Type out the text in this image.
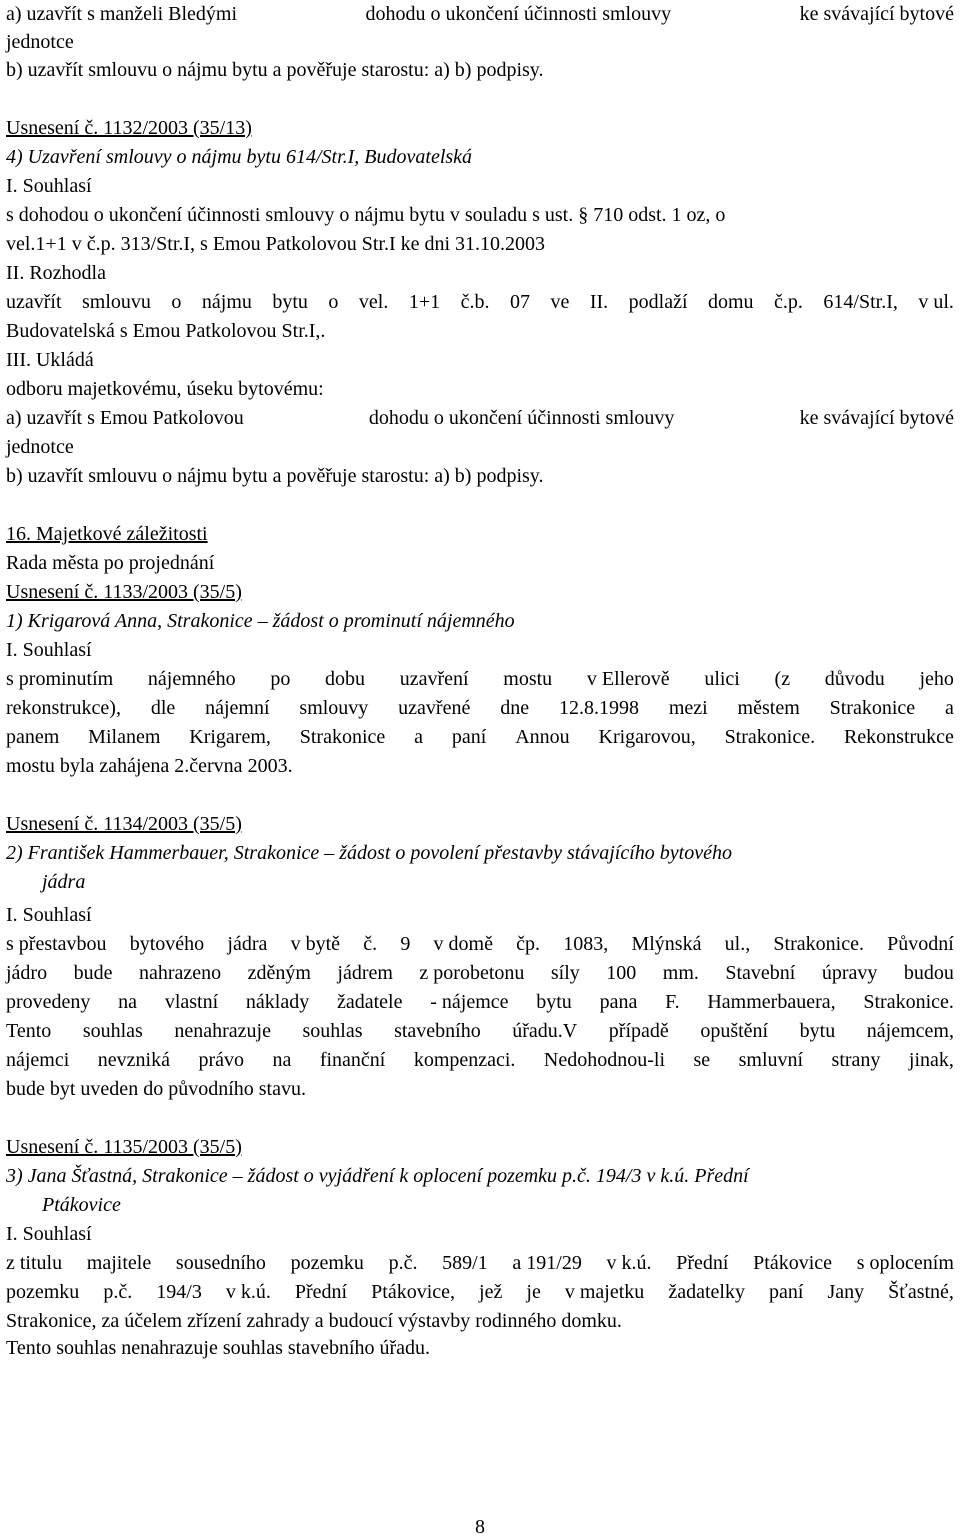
a) uzavřít s manželi Bledými	dohodu o ukončení účinnosti smlouvy	ke svávající bytové
jednotce
b) uzavřít smlouvu o nájmu bytu a pověřuje starostu: a) b) podpisy.
Usnesení č. 1132/2003 (35/13)
4) Uzavření smlouvy o nájmu bytu 614/Str.I, Budovatelská
I. Souhlasí
s dohodou o ukončení účinnosti smlouvy o nájmu bytu v souladu s ust. § 710 odst. 1 oz, o
vel.1+1 v č.p. 313/Str.I, s Emou Patkolovou Str.I ke dni 31.10.2003
II. Rozhodla
uzavřít smlouvu o nájmu bytu o vel. 1+1 č.b. 07 ve II. podlaží domu č.p. 614/Str.I, v ul.
Budovatelská s Emou Patkolovou Str.I,.
III. Ukládá
odboru majetkovému, úseku bytovému:
a) uzavřít s Emou Patkolovou	dohodu o ukončení účinnosti smlouvy	ke svávající bytové
jednotce
b) uzavřít smlouvu o nájmu bytu a pověřuje starostu: a) b) podpisy.
16. Majetkové záležitosti
Rada města po projednání
Usnesení č. 1133/2003 (35/5)
1) Krigarová Anna, Strakonice – žádost o prominutí nájemného
I. Souhlasí
s prominutím nájemného po dobu uzavření mostu v Ellerově ulici (z důvodu jeho
rekonstrukce), dle nájemní smlouvy uzavřené dne 12.8.1998 mezi městem Strakonice a
panem Milanem Krigarem, Strakonice a paní Annou Krigarovou, Strakonice. Rekonstrukce
mostu byla zahájena 2.června 2003.
Usnesení č. 1134/2003 (35/5)
2) František Hammerbauer, Strakonice – žádost o povolení přestavby stávajícího bytového
jádra
I. Souhlasí
s přestavbou bytového jádra v bytě č. 9 v domě čp. 1083, Mlýnská ul., Strakonice. Původní
jádro bude nahrazeno zděným jádrem z porobetonu síly 100 mm. Stavební úpravy budou
provedeny na vlastní náklady žadatele - nájemce bytu pana F. Hammerbauera, Strakonice.
Tento souhlas nenahrazuje souhlas stavebního úřadu.V případě opuštění bytu nájemcem,
nájemci nevzniká právo na finanční kompenzaci. Nedohodnou-li se smluvní strany jinak,
bude byt uveden do původního stavu.
Usnesení č. 1135/2003 (35/5)
3) Jana Šťastná, Strakonice – žádost o vyjádření k oplocení pozemku p.č. 194/3 v k.ú. Přední
Ptákovice
I. Souhlasí
z titulu majitele sousedního pozemku p.č. 589/1 a 191/29 v k.ú. Přední Ptákovice s oplocením
pozemku p.č. 194/3 v k.ú. Přední Ptákovice, jež je v majetku žadatelky paní Jany Šťastné,
Strakonice, za účelem zřízení zahrady a budoucí výstavby rodinného domku.
Tento souhlas nenahrazuje souhlas stavebního úřadu.
8
